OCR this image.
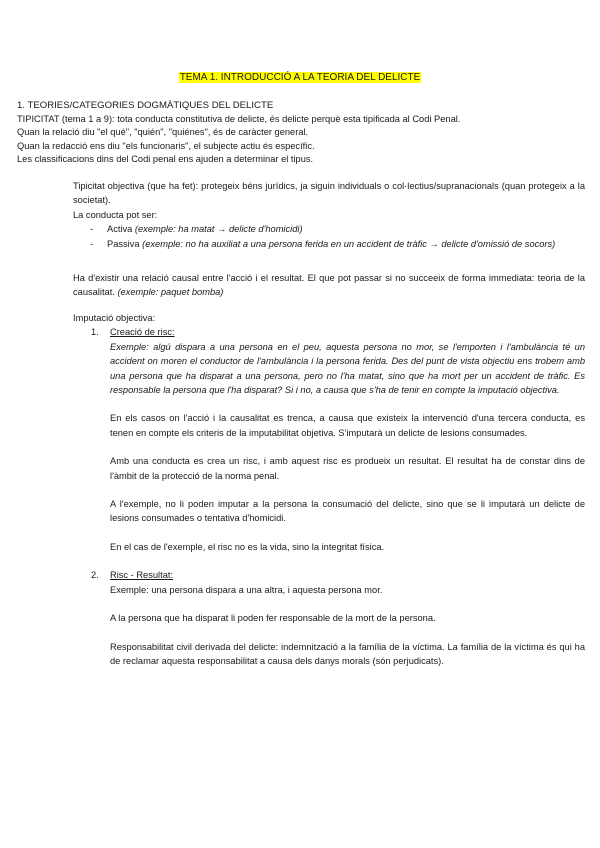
TEMA 1. INTRODUCCIÓ A LA TEORIA DEL DELICTE

1. TEORIES/CATEGORIES DOGMÀTIQUES DEL DELICTE

TIPICITAT (tema 1 a 9): tota conducta constitutiva de delicte, és delicte perquè esta tipificada al Codi Penal.

Quan la relació diu "el qué", "quién", "quiénes", és de caràcter general.

Quan la redacció ens diu "els funcionaris", el subjecte actiu és específic.

Les classificacions dins del Codi penal ens ajuden a determinar el tipus.

Tipicitat objectiva (que ha fet): protegeix béns jurídics, ja siguin individuals o col·lectius/supranacionals (quan protegeix a la societat).

La conducta pot ser:

- Activa (exemple: ha matat → delicte d'homicidi)

- Passiva (exemple: no ha auxiliat a una persona ferida en un accident de tràfic → delicte d'omissió de socors)

Ha d'existir una relació causal entre l'acció i el resultat. El que pot passar si no succeeix de forma immediata: teoria de la causalitat. (exemple: paquet bomba)

Imputació objectiva:

1. Creació de risc:

Exemple: algú dispara a una persona en el peu, aquesta persona no mor, se l'emporten i l'ambulància té un accident on moren el conductor de l'ambulància i la persona ferida. Des del punt de vista objectiu ens trobem amb una persona que ha disparat a una persona, pero no l'ha matat, sino que ha mort per un accident de tràfic. Es responsable la persona que l'ha disparat? Si i no, a causa que s'ha de tenir en compte la imputació objectiva.

En els casos on l'acció i la causalitat es trenca, a causa que existeix la intervenció d'una tercera conducta, es tenen en compte els criteris de la imputabilitat objetiva. S'imputarà un delicte de lesions consumades.

Amb una conducta es crea un risc, i amb aquest risc es produeix un resultat. El resultat ha de constar dins de l'àmbit de la protecció de la norma penal.

A l'exemple, no li poden imputar a la persona la consumació del delicte, sino que se li imputarà un delicte de lesions consumades o tentativa d'homicidi.

En el cas de l'exemple, el risc no es la vida, sino la integritat física.

2. Risc - Resultat:

Exemple: una persona dispara a una altra, i aquesta persona mor.

A la persona que ha disparat li poden fer responsable de la mort de la persona.

Responsabilitat civil derivada del delicte: indemnització a la família de la víctima. La família de la víctima és qui ha de reclamar aquesta responsabilitat a causa dels danys morals (són perjudicats).
